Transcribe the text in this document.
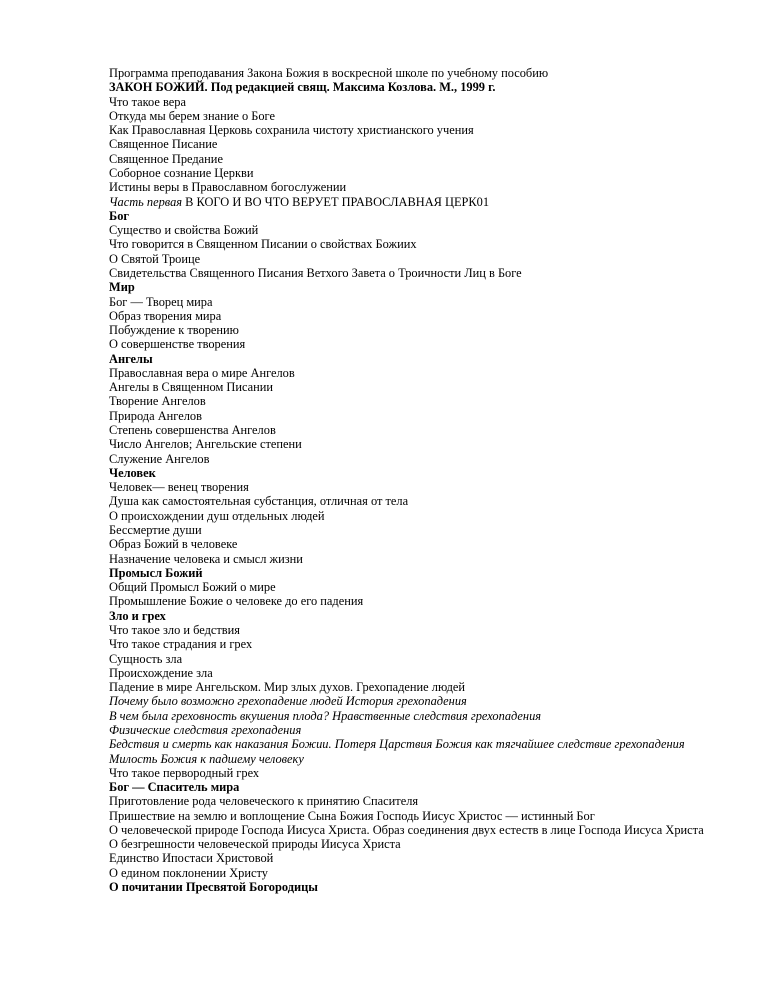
Программа преподавания Закона Божия в воскресной школе по учебному пособию
ЗАКОН БОЖИЙ. Под редакцией свящ. Максима Козлова. М., 1999 г.
Что такое вера
Откуда мы берем знание о Боге
Как Православная Церковь сохранила чистоту христианского учения
Священное Писание
Священное Предание
Соборное сознание Церкви
Истины веры в Православном богослужении
Часть первая В КОГО И ВО ЧТО ВЕРУЕТ ПРАВОСЛАВНАЯ ЦЕРК01
Бог
Существо и свойства Божий
Что говорится в Священном Писании о свойствах Божиих
О Святой Троице
Свидетельства Священного Писания Ветхого Завета о Троичности Лиц в Боге
Мир
Бог — Творец мира
Образ творения мира
Побуждение к творению
О совершенстве творения
Ангелы
Православная вера о мире Ангелов
Ангелы в Священном Писании
Творение Ангелов
Природа Ангелов
Степень совершенства Ангелов
Число Ангелов; Ангельские степени
Служение Ангелов
Человек
Человек— венец творения
Душа как самостоятельная субстанция, отличная от тела
О происхождении душ отдельных людей
Бессмертие души
Образ Божий в человеке
Назначение человека и смысл жизни
Промысл Божий
Общий Промысл Божий о мире
Промышление Божие о человеке до его падения
Зло и грех
Что такое зло и бедствия
Что такое страдания и грех
Сущность зла
Происхождение зла
Падение в мире Ангельском. Мир злых духов. Грехопадение людей
Почему было возможно грехопадение людей История грехопадения
В чем была греховность вкушения плода? Нравственные следствия грехопадения
Физические следствия грехопадения
Бедствия и смерть как наказания Божии. Потеря Царствия Божия как тягчайшее следствие грехопадения
Милость Божия к падшему человеку
Что такое первородный грех
Бог — Спаситель мира
Приготовление рода человеческого к принятию Спасителя
Пришествие на землю и воплощение Сына Божия Господь Иисус Христос — истинный Бог
О человеческой природе Господа Иисуса Христа. Образ соединения двух естеств в лице Господа Иисуса Христа
О безгрешности человеческой природы Иисуса Христа
Единство Ипостаси Христовой
О едином поклонении Христу
О почитании Пресвятой Богородицы
